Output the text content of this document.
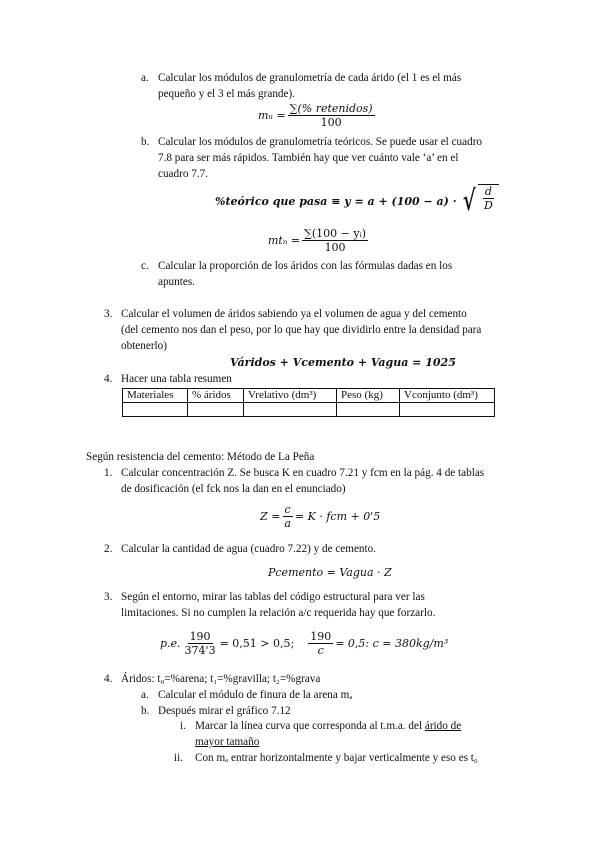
a. Calcular los módulos de granulometría de cada árido (el 1 es el más
pequeño y el 3 el más grande).
$m_n = \frac{\text{∑(\% retenidos)}}{100}$
b. Calcular los módulos de granulometría teóricos. Se puede usar el cuadro
7.8 para ser más rápidos. También hay que ver cuánto vale ‘a’ en el
cuadro 7.7.
%teórico que pasa ≡ y = a + (100 − a) · √ $\frac{d}{D}$
$mt_n = \frac{\text{∑(100 − yᵢ)}}{100}$
c. Calcular la proporción de los áridos con las fórmulas dadas en los
apuntes.
3. Calcular el volumen de áridos sabiendo ya el volumen de agua y del cemento
(del cemento nos dan el peso, por lo que hay que dividirlo entre la densidad para
obtenerlo)
Váridos + Vcemento + Vagua = 1025
4. Hacer una tabla resumen
Materiales	% áridos	Vrelativo (dm³)	Peso (kg)	Vconjunto (dm³)

Según resistencia del cemento: Método de La Peña
1. Calcular concentración Z. Se busca K en cuadro 7.21 y fcm en la pág. 4 de tablas
de dosificación (el fck nos la dan en el enunciado)
$Z = \frac{c}{a} = K$ · fcm + 0'5
2. Calcular la cantidad de agua (cuadro 7.22) y de cemento.
Pcemento = Vagua · Z
3. Según el entorno, mirar las tablas del código estructural para ver las
limitaciones. Si no cumplen la relación a/c requerida hay que forzarlo.
p.e. $\frac{190}{374'3} = 0,51 > 0,5$; $\frac{190}{c} = 0,5$: c = 380kg/m³
4. Áridos: t₀=%arena; t₁=%gravilla; t₂=%grava
a. Calcular el módulo de finura de la arena mₐ
b. Después mirar el gráfico 7.12
i. Marcar la línea curva que corresponda al t.m.a. del árido de
mayor tamaño
ii. Con mₐ entrar horizontalmente y bajar verticalmente y eso es t₀
